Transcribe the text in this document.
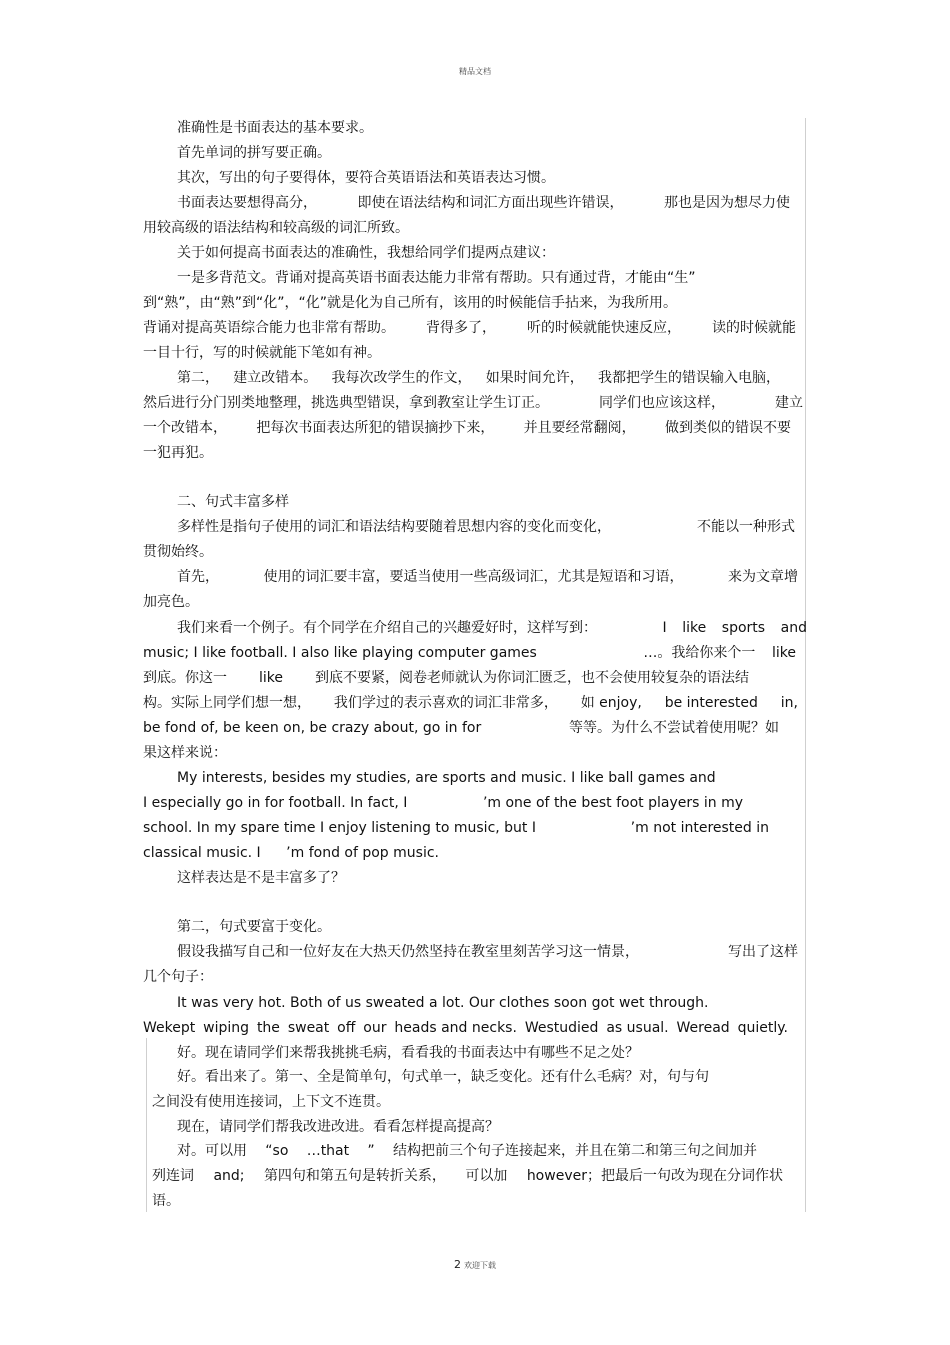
精品文档
准确性是书面表达的基本要求。
首先单词的拼写要正确。
其次，写出的句子要得体，要符合英语语法和英语表达习惯。
书面表达要想得高分，	即使在语法结构和词汇方面出现些许错误，	那也是因为想尽力使
用较高级的语法结构和较高级的词汇所致。
关于如何提高书面表达的准确性，我想给同学们提两点建议：
一是多背范文。背诵对提高英语书面表达能力非常有帮助。只有通过背，才能由“生”
到“熟”，由“熟”到“化”，“化”就是化为自己所有，该用的时候能信手拈来，为我所用。
背诵对提高英语综合能力也非常有帮助。 背得多了， 听的时候就能快速反应， 读的时候就能
一目十行，写的时候就能下笔如有神。
第二， 建立改错本。 我每次改学生的作文， 如果时间允许， 我都把学生的错误输入电脑，
然后进行分门别类地整理，挑选典型错误，拿到教室让学生订正。	同学们也应该这样，	建立
一个改错本， 把每次书面表达所犯的错误摘抄下来， 并且要经常翻阅， 做到类似的错误不要
一犯再犯。
二、句式丰富多样
多样性是指句子使用的词汇和语法结构要随着思想内容的变化而变化，	不能以一种形式
贯彻始终。
首先，	使用的词汇要丰富，要适当使用一些高级词汇，尤其是短语和习语，	来为文章增
加亮色。
我们来看一个例子。有个同学在介绍自己的兴趣爱好时，这样写到：	I like sports and
music; I like football. I also like playing computer games	…。我给你来个一 like
到底。你这一 like 到底不要紧，阅卷老师就认为你词汇匮乏，也不会使用较复杂的语法结
构。实际上同学们想一想， 我们学过的表示喜欢的词汇非常多， 如 enjoy, be interested in,
be fond of, be keen on, be crazy about, go in for	等等。为什么不尝试着使用呢？如
果这样来说：
My interests, besides my studies, are sports and music. I like ball games and
I especially go in for football. In fact, I	’m one of the best foot players in my
school. In my spare time I enjoy listening to music, but I	’m not interested in
classical music. I ’m fond of pop music.
这样表达是不是丰富多了？
第二，句式要富于变化。
假设我描写自己和一位好友在大热天仍然坚持在教室里刻苦学习这一情景，	写出了这样
几个句子：
It was very hot. Both of us sweated a lot. Our clothes soon got wet through.
Wekept wiping the sweat off our heads and necks. Westudied as usual. Weread quietly.
好。现在请同学们来帮我挑挑毛病，看看我的书面表达中有哪些不足之处？
好。看出来了。第一、全是简单句，句式单一，缺乏变化。还有什么毛病？对，句与句
之间没有使用连接词，上下文不连贯。
现在，请同学们帮我改进改进。看看怎样提高提高？
对。可以用 “so …that ” 结构把前三个句子连接起来，并且在第二和第三句之间加并
列连词 and; 第四句和第五句是转折关系， 可以加 however；把最后一句改为现在分词作状
语。
2 欢迎下载
